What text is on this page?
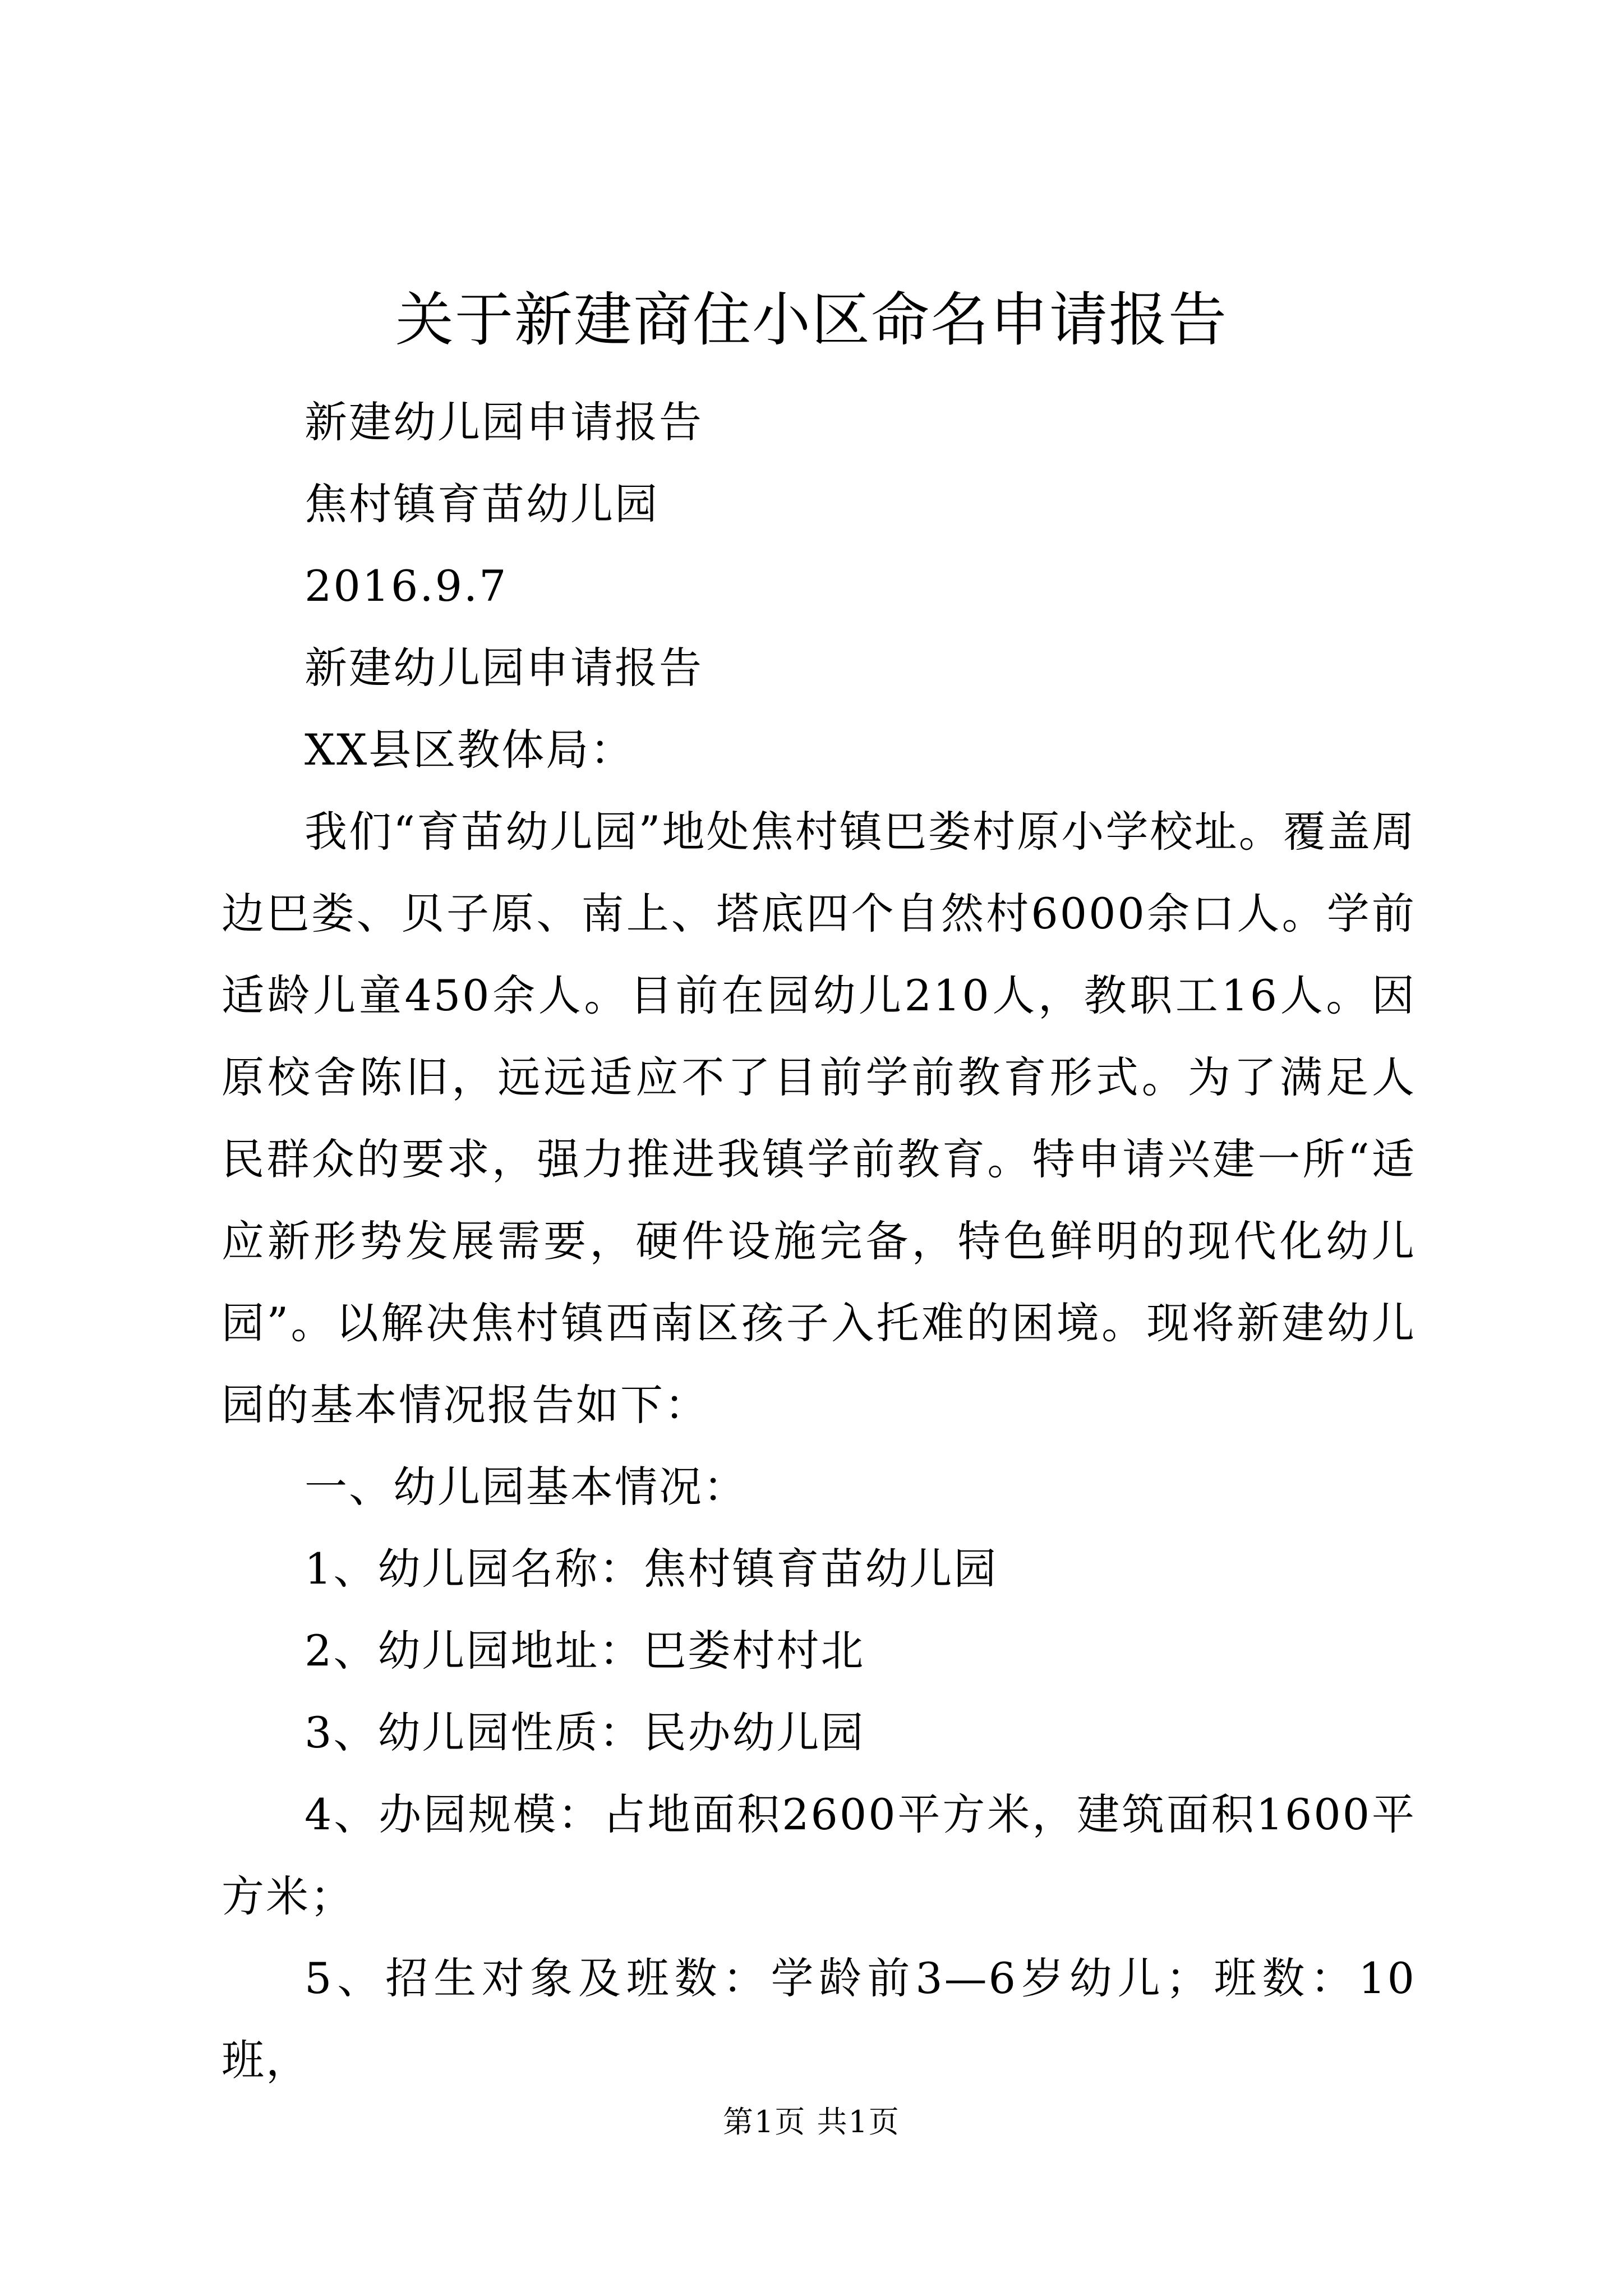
关于新建商住小区命名申请报告

新建幼儿园申请报告

焦村镇育苗幼儿园

2016.9.7

新建幼儿园申请报告

XX县区教体局：

我们“育苗幼儿园”地处焦村镇巴娄村原小学校址。覆盖周边巴娄、贝子原、南上、塔底四个自然村6000余口人。学前适龄儿童450余人。目前在园幼儿210人，教职工16人。因原校舍陈旧，远远适应不了目前学前教育形式。为了满足人民群众的要求，强力推进我镇学前教育。特申请兴建一所“适应新形势发展需要，硬件设施完备，特色鲜明的现代化幼儿园”。以解决焦村镇西南区孩子入托难的困境。现将新建幼儿园的基本情况报告如下：

一、幼儿园基本情况：

1、幼儿园名称：焦村镇育苗幼儿园

2、幼儿园地址：巴娄村村北

3、幼儿园性质：民办幼儿园

4、办园规模：占地面积2600平方米，建筑面积1600平方米；

5、招生对象及班数：学龄前3—6岁幼儿；班数：10班，

第1页 共1页
